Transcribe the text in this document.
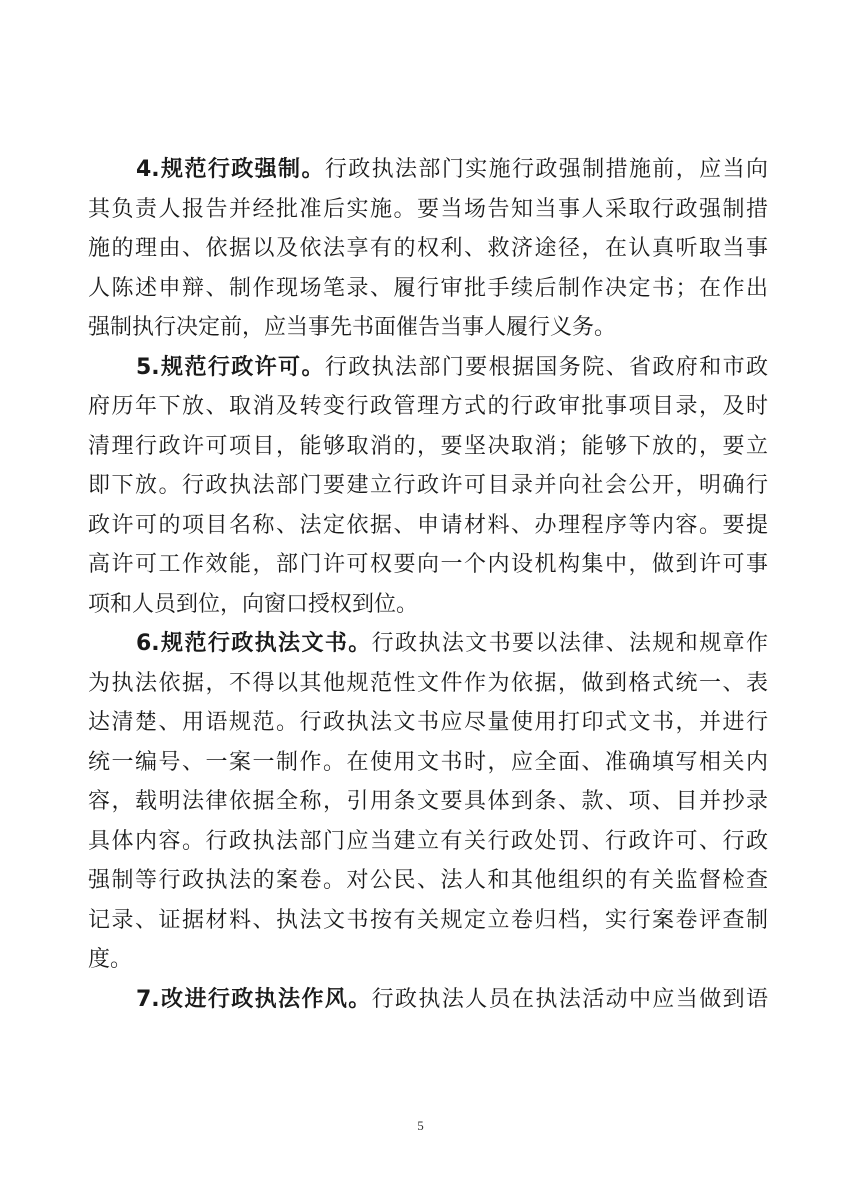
4.规范行政强制。行政执法部门实施行政强制措施前，应当向
其负责人报告并经批准后实施。要当场告知当事人采取行政强制措
施的理由、依据以及依法享有的权利、救济途径，在认真听取当事
人陈述申辩、制作现场笔录、履行审批手续后制作决定书；在作出
强制执行决定前，应当事先书面催告当事人履行义务。
5.规范行政许可。行政执法部门要根据国务院、省政府和市政
府历年下放、取消及转变行政管理方式的行政审批事项目录，及时
清理行政许可项目，能够取消的，要坚决取消；能够下放的，要立
即下放。行政执法部门要建立行政许可目录并向社会公开，明确行
政许可的项目名称、法定依据、申请材料、办理程序等内容。要提
高许可工作效能，部门许可权要向一个内设机构集中，做到许可事
项和人员到位，向窗口授权到位。
6.规范行政执法文书。行政执法文书要以法律、法规和规章作
为执法依据，不得以其他规范性文件作为依据，做到格式统一、表
达清楚、用语规范。行政执法文书应尽量使用打印式文书，并进行
统一编号、一案一制作。在使用文书时，应全面、准确填写相关内
容，载明法律依据全称，引用条文要具体到条、款、项、目并抄录
具体内容。行政执法部门应当建立有关行政处罚、行政许可、行政
强制等行政执法的案卷。对公民、法人和其他组织的有关监督检查
记录、证据材料、执法文书按有关规定立卷归档，实行案卷评查制
度。
7.改进行政执法作风。行政执法人员在执法活动中应当做到语
5
